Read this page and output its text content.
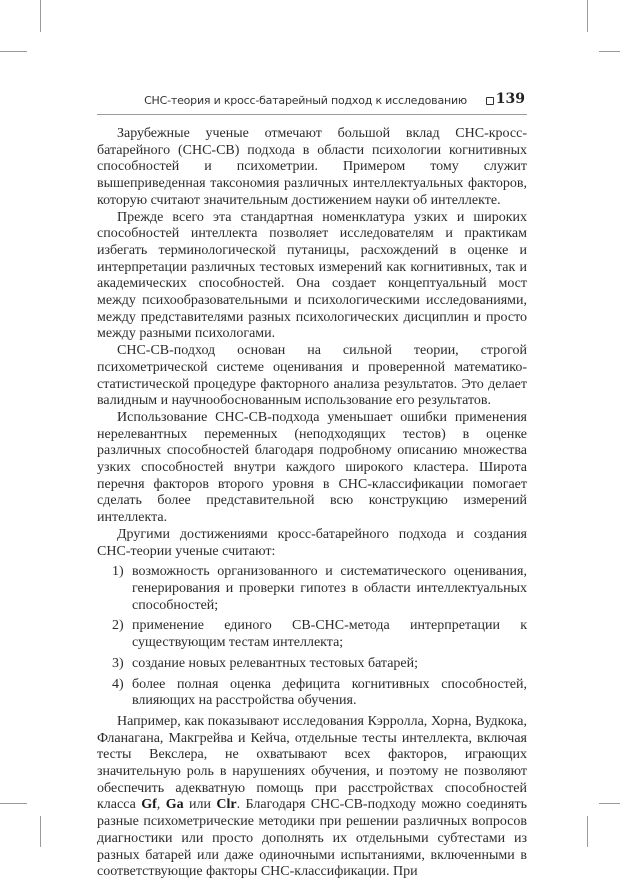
CHC-теория и кросс-батарейный подход к исследованию 139

Зарубежные ученые отмечают большой вклад CHC-кросс-батарейного (CHC-CB) подхода в области психологии когнитивных способностей и психометрии. Примером тому служит вышеприведенная таксономия различных интеллектуальных факторов, которую считают значительным достижением науки об интеллекте.

Прежде всего эта стандартная номенклатура узких и широких способностей интеллекта позволяет исследователям и практикам избегать терминологической путаницы, расхождений в оценке и интерпретации различных тестовых измерений как когнитивных, так и академических способностей. Она создает концептуальный мост между психообразовательными и психологическими исследованиями, между представителями разных психологических дисциплин и просто между разными психологами.

CHC-CB-подход основан на сильной теории, строгой психометрической системе оценивания и проверенной математико-статистической процедуре факторного анализа результатов. Это делает валидным и научнообоснованным использование его результатов.

Использование CHC-CB-подхода уменьшает ошибки применения нерелевантных переменных (неподходящих тестов) в оценке различных способностей благодаря подробному описанию множества узких способностей внутри каждого широкого кластера. Широта перечня факторов второго уровня в CHC-классификации помогает сделать более представительной всю конструкцию измерений интеллекта.

Другими достижениями кросс-батарейного подхода и создания CHC-теории ученые считают:

1) возможность организованного и систематического оценивания, генерирования и проверки гипотез в области интеллектуальных способностей;
2) применение единого CB-CHC-метода интерпретации к существующим тестам интеллекта;
3) создание новых релевантных тестовых батарей;
4) более полная оценка дефицита когнитивных способностей, влияющих на расстройства обучения.

Например, как показывают исследования Кэрролла, Хорна, Вудкока, Фланагана, Макгрейва и Кейча, отдельные тесты интеллекта, включая тесты Векслера, не охватывают всех факторов, играющих значительную роль в нарушениях обучения, и поэтому не позволяют обеспечить адекватную помощь при расстройствах способностей класса Gf, Ga или Clr. Благодаря CHC-CB-подходу можно соединять разные психометрические методики при решении различных вопросов диагностики или просто дополнять их отдельными субтестами из разных батарей или даже одиночными испытаниями, включенными в соответствующие факторы CHC-классификации. При
